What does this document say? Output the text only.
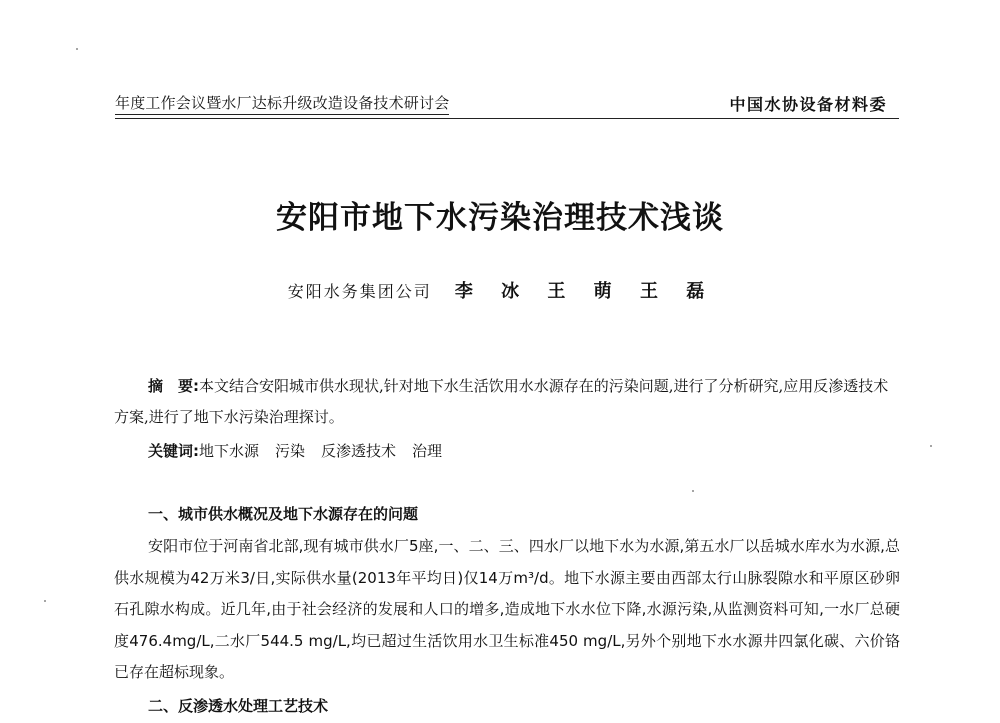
年度工作会议暨水厂达标升级改造设备技术研讨会	中国水协设备材料委
安阳市地下水污染治理技术浅谈
安阳水务集团公司 李 冰 王 萌 王 磊
摘　要:本文结合安阳城市供水现状,针对地下水生活饮用水水源存在的污染问题,进行了分析研究,应用反渗透技术方案,进行了地下水污染治理探讨。
关键词:地下水源 污染 反渗透技术 治理
一、城市供水概况及地下水源存在的问题
安阳市位于河南省北部,现有城市供水厂5座,一、二、三、四水厂以地下水为水源,第五水厂以岳城水库水为水源,总供水规模为42万米3/日,实际供水量(2013年平均日)仅14万m³/d。地下水源主要由西部太行山脉裂隙水和平原区砂卵石孔隙水构成。近几年,由于社会经济的发展和人口的增多,造成地下水水位下降,水源污染,从监测资料可知,一水厂总硬度476.4mg/L,二水厂544.5 mg/L,均已超过生活饮用水卫生标准450 mg/L,另外个别地下水水源井四氯化碳、六价铬已存在超标现象。
二、反渗透水处理工艺技术
